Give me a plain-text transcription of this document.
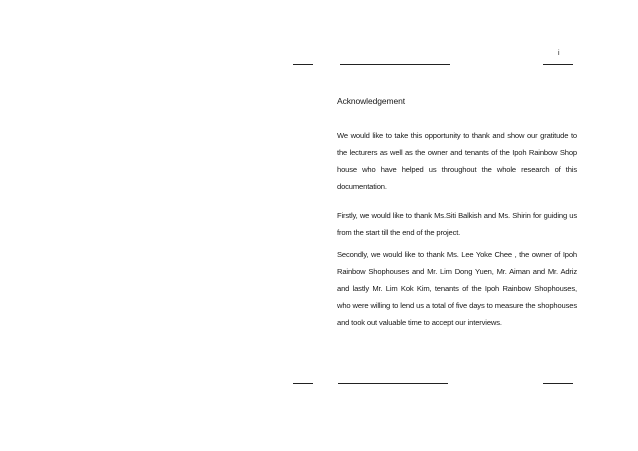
i
Acknowledgement
We would like to take this opportunity to thank and show our gratitude to the lecturers as well as the owner and tenants of the Ipoh Rainbow Shop house who have helped us throughout the whole research of this documentation.
Firstly, we would like to thank Ms.Siti Balkish and Ms. Shirin for guiding us from the start till the end of the project.
Secondly, we would like to thank Ms. Lee Yoke Chee , the owner of Ipoh Rainbow Shophouses and Mr. Lim Dong Yuen, Mr. Aiman and Mr. Adriz and lastly Mr. Lim Kok Kim, tenants of the Ipoh Rainbow Shophouses, who were willing to lend us a total of five days to measure the shophouses and took out valuable time to accept our interviews.
